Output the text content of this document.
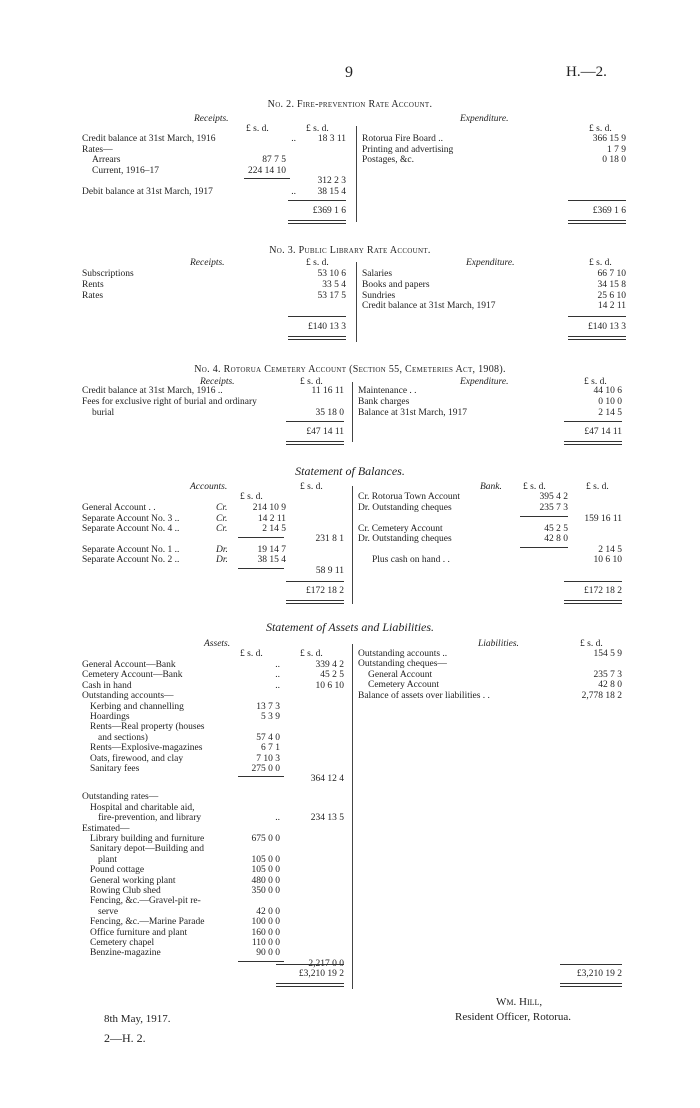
9	H.—2.
No. 2. Fire-prevention Rate Account.
Receipts.	Expenditure.
£ s. d.	£ s. d.	£ s. d.
Credit balance at 31st March, 1916	..	18 3 11
Rates—
Arrears	87 7 5
Current, 1916–17	224 14 10
312 2 3
Debit balance at 31st March, 1917	..	38 15 4
£369 1 6
Rotorua Fire Board ..	366 15 9
Printing and advertising	1 7 9
Postages, &c.	0 18 0
£369 1 6
No. 3. Public Library Rate Account.
Receipts.	Expenditure.
£ s. d.	£ s. d.
Subscriptions	53 10 6
Rents	33 5 4
Rates	53 17 5
£140 13 3
Salaries	66 7 10
Books and papers	34 15 8
Sundries	25 6 10
Credit balance at 31st March, 1917	14 2 11
£140 13 3
No. 4. Rotorua Cemetery Account (Section 55, Cemeteries Act, 1908).
Receipts.	Expenditure.
£ s. d.	£ s. d.
Credit balance at 31st March, 1916 ..	11 16 11
Fees for exclusive right of burial and ordinary
burial	35 18 0
£47 14 11
Maintenance . .	44 10 6
Bank charges	0 10 0
Balance at 31st March, 1917	2 14 5
£47 14 11
Statement of Balances.
Accounts.	Bank.
£ s. d.
£ s. d.	£ s. d.	£ s. d.
General Account . .	Cr.	214 10 9
Separate Account No. 3 ..	Cr.	14 2 11
Separate Account No. 4 ..	Cr.	2 14 5
231 8 1
Separate Account No. 1 ..	Dr.	19 14 7
Separate Account No. 2 ..	Dr.	38 15 4
58 9 11
£172 18 2
Cr. Rotorua Town Account	395 4 2
Dr. Outstanding cheques	235 7 3
159 16 11
Cr. Cemetery Account	45 2 5
Dr. Outstanding cheques	42 8 0
2 14 5
Plus cash on hand . .	10 6 10
£172 18 2
Statement of Assets and Liabilities.
Assets.	Liabilities.
£ s. d.	£ s. d.
£ s. d.
General Account—Bank	..	339 4 2
Cemetery Account—Bank	..	45 2 5
Cash in hand	..	10 6 10
Outstanding accounts—
Kerbing and channelling	13 7 3
Hoardings	5 3 9
Rents—Real property (houses
and sections)	57 4 0
Rents—Explosive-magazines	6 7 1
Oats, firewood, and clay	7 10 3
Sanitary fees	275 0 0
364 12 4
Outstanding rates—
Hospital and charitable aid,
fire-prevention, and library	..	234 13 5
Estimated—
Library building and furniture	675 0 0
Sanitary depot—Building and
plant	105 0 0
Pound cottage	105 0 0
General working plant	480 0 0
Rowing Club shed	350 0 0
Fencing, &c.—Gravel-pit re-
serve	42 0 0
Fencing, &c.—Marine Parade	100 0 0
Office furniture and plant	160 0 0
Cemetery chapel	110 0 0
Benzine-magazine	90 0 0
2,217 0 0
£3,210 19 2
Outstanding accounts ..	154 5 9
Outstanding cheques—
General Account	235 7 3
Cemetery Account	42 8 0
Balance of assets over liabilities . .	2,778 18 2
£3,210 19 2
8th May, 1917.
Wm. Hill,
Resident Officer, Rotorua.
2—H. 2.
